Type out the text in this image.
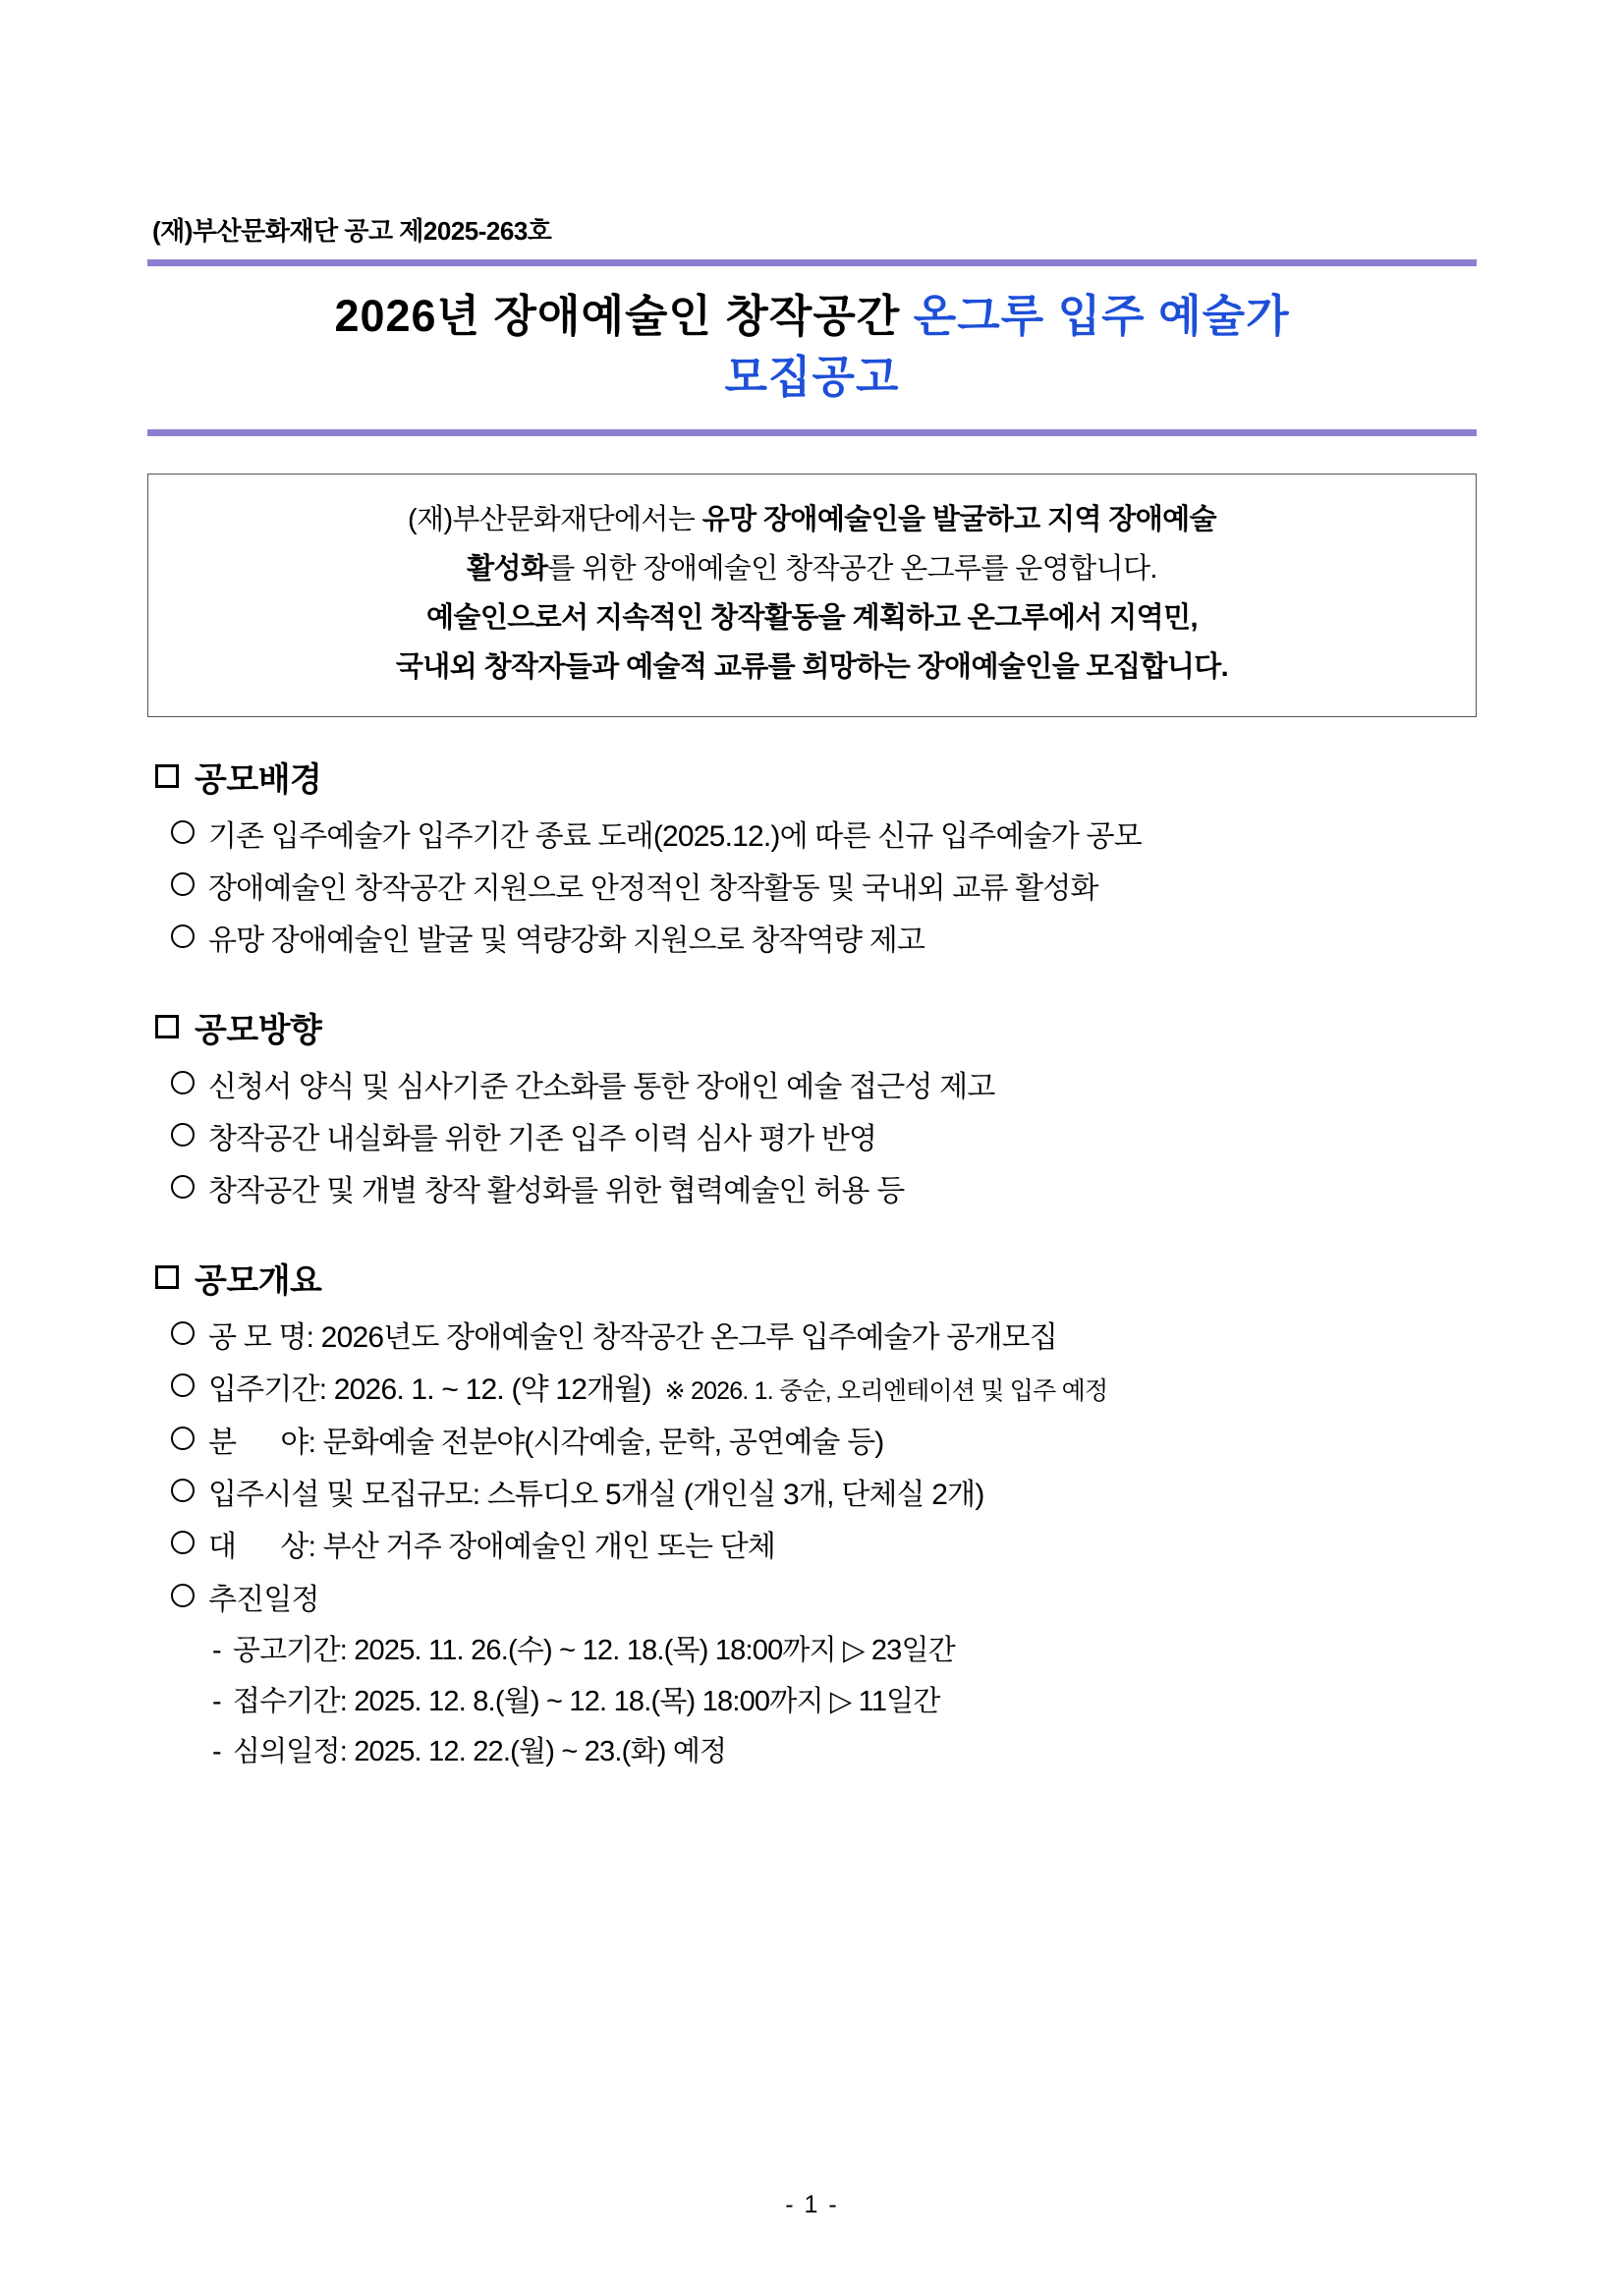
(재)부산문화재단 공고 제2025-263호
2026년 장애예술인 창작공간 온그루 입주 예술가
모집공고
(재)부산문화재단에서는 유망 장애예술인을 발굴하고 지역 장애예술
활성화를 위한 장애예술인 창작공간 온그루를 운영합니다.
예술인으로서 지속적인 창작활동을 계획하고 온그루에서 지역민,
국내외 창작자들과 예술적 교류를 희망하는 장애예술인을 모집합니다.
공모배경
기존 입주예술가 입주기간 종료 도래(2025.12.)에 따른 신규 입주예술가 공모
장애예술인 창작공간 지원으로 안정적인 창작활동 및 국내외 교류 활성화
유망 장애예술인 발굴 및 역량강화 지원으로 창작역량 제고
공모방향
신청서 양식 및 심사기준 간소화를 통한 장애인 예술 접근성 제고
창작공간 내실화를 위한 기존 입주 이력 심사 평가 반영
창작공간 및 개별 창작 활성화를 위한 협력예술인 허용 등
공모개요
공 모 명: 2026년도 장애예술인 창작공간 온그루 입주예술가 공개모집
입주기간: 2026. 1. ~ 12. (약 12개월) ※ 2026. 1. 중순, 오리엔테이션 및 입주 예정
분      야: 문화예술 전분야(시각예술, 문학, 공연예술 등)
입주시설 및 모집규모: 스튜디오 5개실 (개인실 3개, 단체실 2개)
대      상: 부산 거주 장애예술인 개인 또는 단체
추진일정
- 공고기간: 2025. 11. 26.(수) ~ 12. 18.(목) 18:00까지 ▷ 23일간
- 접수기간: 2025. 12. 8.(월) ~ 12. 18.(목) 18:00까지 ▷ 11일간
- 심의일정: 2025. 12. 22.(월) ~ 23.(화) 예정
- 1 -
